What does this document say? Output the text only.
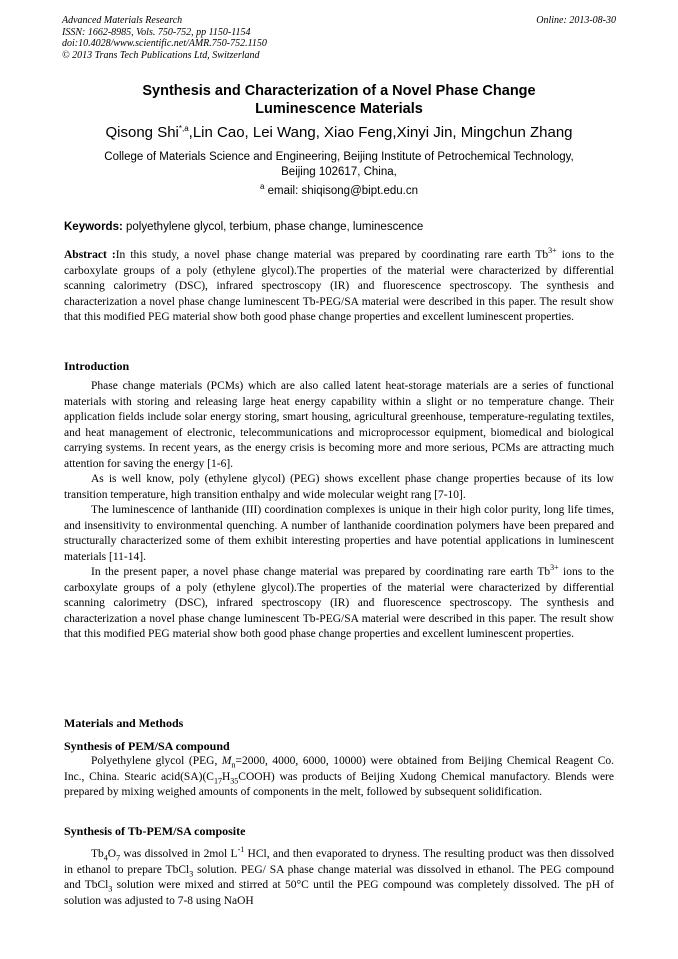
Advanced Materials Research
ISSN: 1662-8985, Vols. 750-752, pp 1150-1154
doi:10.4028/www.scientific.net/AMR.750-752.1150
© 2013 Trans Tech Publications Ltd, Switzerland
Online: 2013-08-30
Synthesis and Characterization of a Novel Phase Change
Luminescence Materials
Qisong Shi$^{*,a}$,Lin Cao, Lei Wang, Xiao Feng,Xinyi Jin, Mingchun Zhang
College of Materials Science and Engineering, Beijing Institute of Petrochemical Technology,
Beijing 102617, China,
$^a$ email: shiqisong@bipt.edu.cn
Keywords: polyethylene glycol, terbium, phase change, luminescence

Abstract :In this study, a novel phase change material was prepared by coordinating rare earth $Tb^{3+}$ ions to the carboxylate groups of a poly (ethylene glycol).The properties of the material were characterized by differential scanning calorimetry (DSC), infrared spectroscopy (IR) and fluorescence spectroscopy. The synthesis and characterization a novel phase change luminescent Tb-PEG/SA material were described in this paper. The result show that this modified PEG material show both good phase change properties and excellent luminescent properties.

Introduction

Phase change materials (PCMs) which are also called latent heat-storage materials are a series of functional materials with storing and releasing large heat energy capability within a slight or no temperature change. Their application fields include solar energy storing, smart housing, agricultural greenhouse, temperature-regulating textiles, and heat management of electronic, telecommunications and microprocessor equipment, biomedical and biological carrying systems. In recent years, as the energy crisis is becoming more and more serious, PCMs are attracting much attention for saving the energy [1-6].

As is well know, poly (ethylene glycol) (PEG) shows excellent phase change properties because of its low transition temperature, high transition enthalpy and wide molecular weight rang [7-10].

The luminescence of lanthanide (III) coordination complexes is unique in their high color purity, long life times, and insensitivity to environmental quenching. A number of lanthanide coordination polymers have been prepared and structurally characterized some of them exhibit interesting properties and have potential applications in luminescent materials [11-14].

In the present paper, a novel phase change material was prepared by coordinating rare earth $Tb^{3+}$ ions to the carboxylate groups of a poly (ethylene glycol).The properties of the material were characterized by differential scanning calorimetry (DSC), infrared spectroscopy (IR) and fluorescence spectroscopy. The synthesis and characterization a novel phase change luminescent Tb-PEG/SA material were described in this paper. The result show that this modified PEG material show both good phase change properties and excellent luminescent properties.

Materials and Methods
Synthesis of PEM/SA compound

Polyethylene glycol (PEG, $M_n=2000$, 4000, 6000, 10000) were obtained from Beijing Chemical Reagent Co. Inc., China. Stearic $acid(SA)(C_{17}H_{35}COOH)$ was products of Beijing Xudong Chemical manufactory. Blends were prepared by mixing weighed amounts of components in the melt, followed by subsequent solidification.

Synthesis of Tb-PEM/SA composite

$Tb_4O_7$ was dissolved in 2mol $L^{-1}$ HCl, and then evaporated to dryness. The resulting product was then dissolved in ethanol to prepare TbCl$_3$ solution. PEG/ SA phase change material was dissolved in ethanol. The PEG compound and TbCl$_3$ solution were mixed and stirred at 50°C until the PEG compound was completely dissolved. The pH of solution was adjusted to 7-8 using NaOH
